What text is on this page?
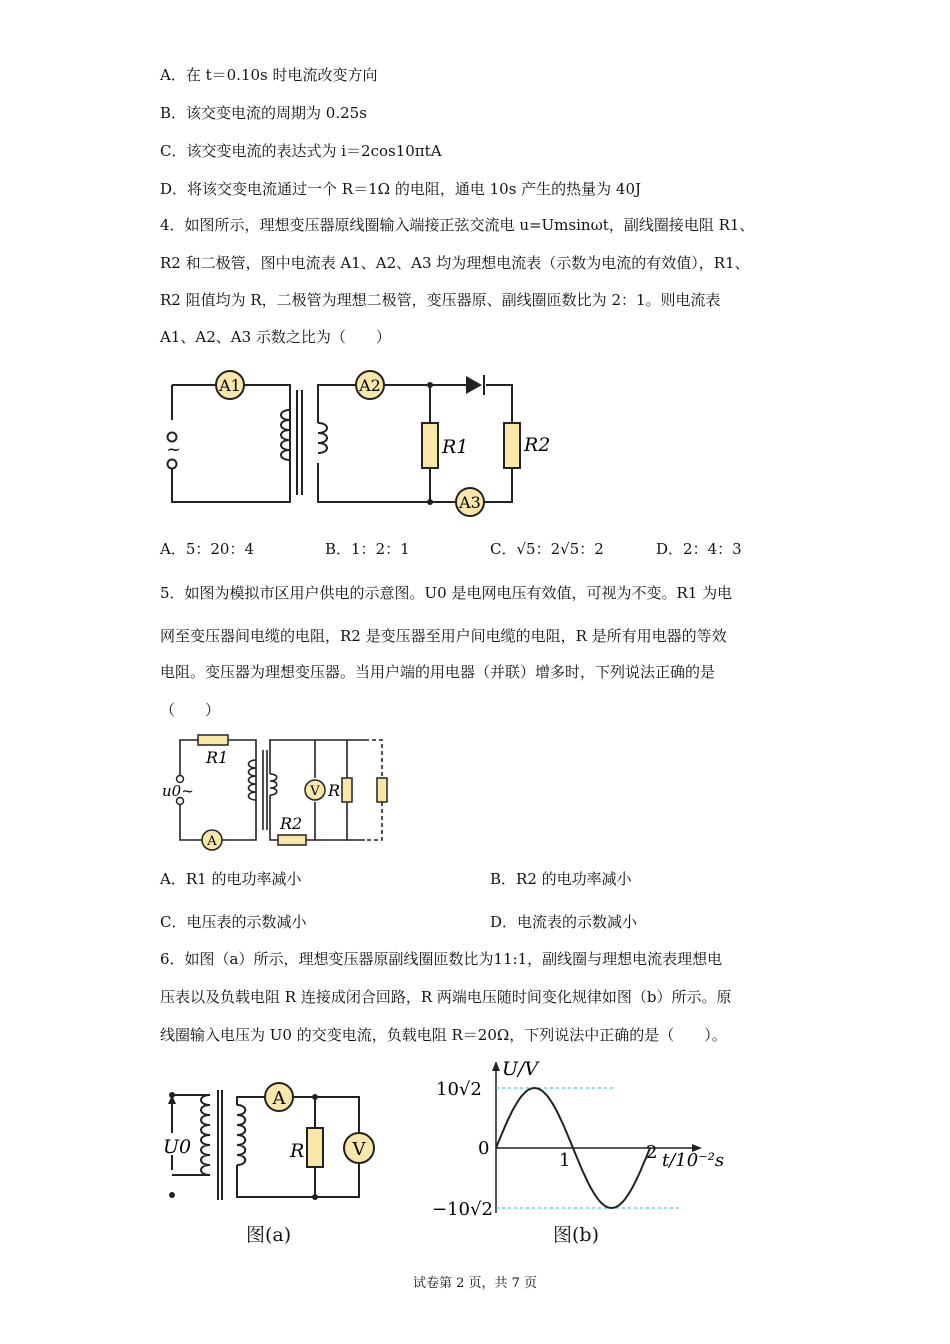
A．在 t＝0.10s 时电流改变方向
B．该交变电流的周期为 0.25s
C．该交变电流的表达式为 i＝2cos10πtA
D．将该交变电流通过一个 R＝1Ω 的电阻，通电 10s 产生的热量为 40J
4．如图所示，理想变压器原线圈输入端接正弦交流电 u=Umsinωt，副线圈接电阻 R1、
R2 和二极管，图中电流表 A1、A2、A3 均为理想电流表（示数为电流的有效值），R1、
R2 阻值均为 R，二极管为理想二极管，变压器原、副线圈匝数比为 2：1。则电流表
A1、A2、A3 示数之比为（　　）
A1	A2
A3
~	R1	R2
A．5：20：4	B．1：2：1	C．√5：2√5：2	D．2：4：3
5．如图为模拟市区用户供电的示意图。U0 是电网电压有效值，可视为不变。R1 为电
网至变压器间电缆的电阻，R2 是变压器至用户间电缆的电阻，R 是所有用电器的等效
电阻。变压器为理想变压器。当用户端的用电器（并联）增多时，下列说法正确的是
（　　）
V
A
R1
R2
R
u0~
A．R1 的电功率减小	B．R2 的电功率减小
C．电压表的示数减小	D．电流表的示数减小
6．如图（a）所示，理想变压器原副线圈匝数比为11:1，副线圈与理想电流表理想电
压表以及负载电阻 R 连接成闭合回路，R 两端电压随时间变化规律如图（b）所示。原
线圈输入电压为 U0 的交变电流，负载电阻 R＝20Ω，下列说法中正确的是（　　）。
A
V
R
U0
图(a)
U/V
10√2
−10√2
0
1	2 t/10⁻²s
图(b)
试卷第 2 页，共 7 页
